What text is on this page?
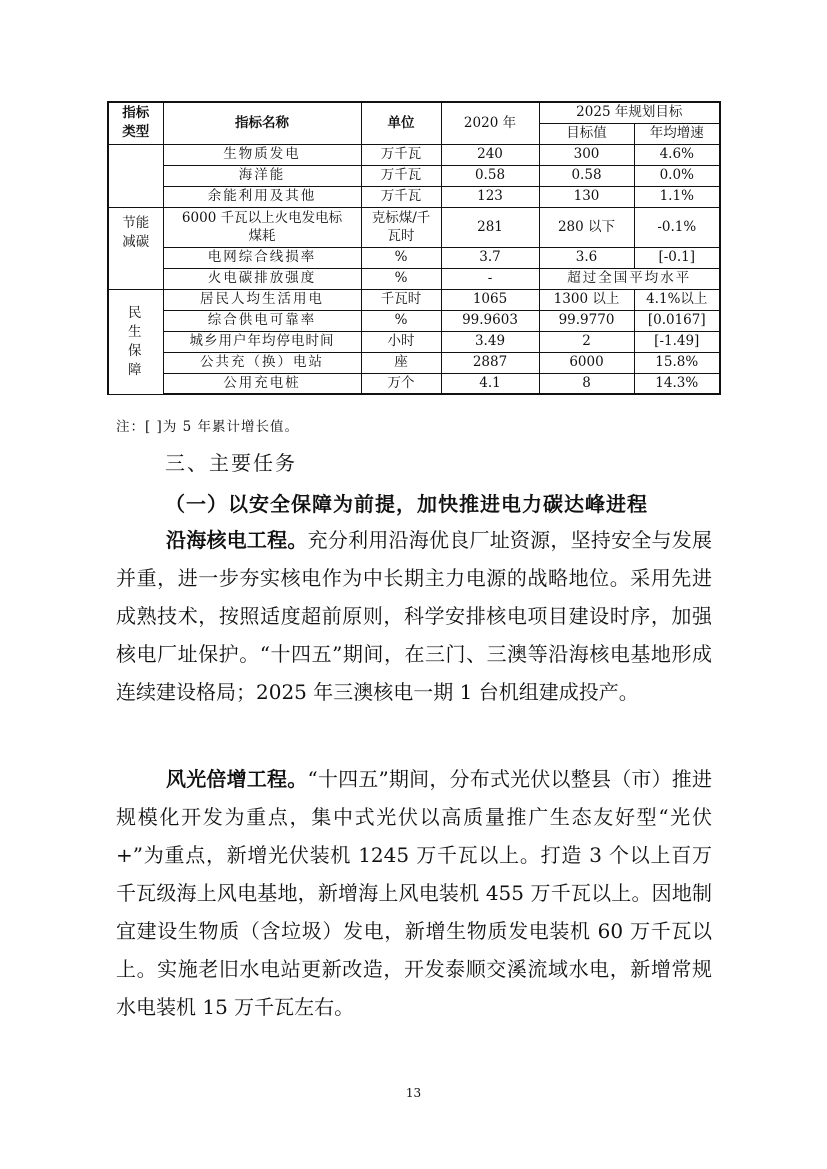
指标类型	指标名称	单位	2020 年	2025 年规划目标	
				目标值	年均增速
	生物质发电	万千瓦	240	300	4.6%
	海洋能	万千瓦	0.58	0.58	0.0%
	余能利用及其他	万千瓦	123	130	1.1%
节能减碳	6000 千瓦以上火电发电标煤耗	克标煤/千瓦时	281	280 以下	-0.1%
	电网综合线损率	%	3.7	3.6	[-0.1]
	火电碳排放强度	%	-	超过全国平均水平	
民生保障	居民人均生活用电	千瓦时	1065	1300 以上	4.1%以上
	综合供电可靠率	%	99.9603	99.9770	[0.0167]
	城乡用户年均停电时间	小时	3.49	2	[-1.49]
	公共充（换）电站	座	2887	6000	15.8%
	公用充电桩	万个	4.1	8	14.3%
注：[ ]为 5 年累计增长值。
三、主要任务
（一）以安全保障为前提，加快推进电力碳达峰进程
沿海核电工程。充分利用沿海优良厂址资源，坚持安全与发展并重，进一步夯实核电作为中长期主力电源的战略地位。采用先进成熟技术，按照适度超前原则，科学安排核电项目建设时序，加强核电厂址保护。“十四五”期间，在三门、三澳等沿海核电基地形成连续建设格局；2025 年三澳核电一期 1 台机组建成投产。
风光倍增工程。“十四五”期间，分布式光伏以整县（市）推进规模化开发为重点，集中式光伏以高质量推广生态友好型“光伏+”为重点，新增光伏装机 1245 万千瓦以上。打造 3 个以上百万千瓦级海上风电基地，新增海上风电装机 455 万千瓦以上。因地制宜建设生物质（含垃圾）发电，新增生物质发电装机 60 万千瓦以上。实施老旧水电站更新改造，开发泰顺交溪流域水电，新增常规水电装机 15 万千瓦左右。
13
